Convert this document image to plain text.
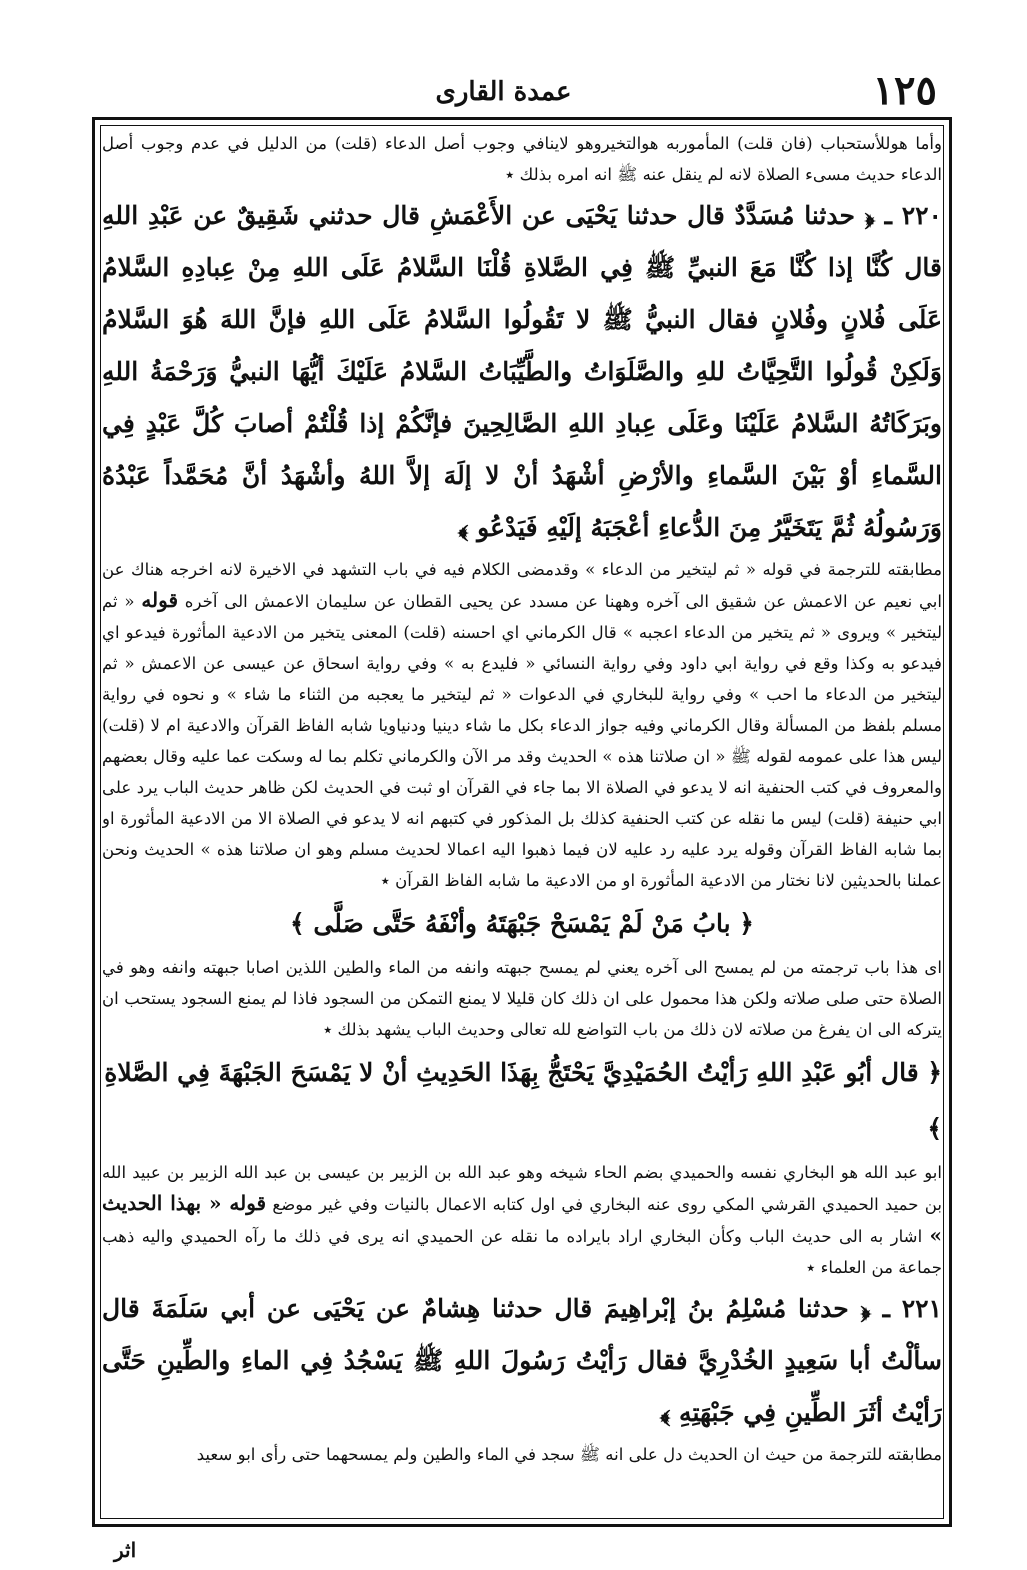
١٢٥
عمدة القاری

وأما هوللأستحباب (فان قلت) المأموربه هوالتخيروهو لاينافي وجوب أصل الدعاء (قلت) من الدليل في عدم وجوب أصل الدعاء حديث مسیء الصلاة لانه لم ينقل عنه ﷺ انه امره بذلك ٭

۲۲۰ ـ ﴿ حدثنا مُسَدَّدٌ قال حدثنا يَحْيَى عن الأَعْمَشِ قال حدثني شَقِيقٌ عن عَبْدِ اللهِ قال كُنَّا إذا كُنَّا مَعَ النبيِّ ﷺ فِي الصَّلاةِ قُلْنَا السَّلامُ عَلَى اللهِ مِنْ عِبادِهِ السَّلامُ عَلَى فُلانٍ وفُلانٍ فقال النبيُّ ﷺ لا تَقُولُوا السَّلامُ عَلَى اللهِ فإنَّ اللهَ هُوَ السَّلامُ وَلَكِنْ قُولُوا التَّحِيَّاتُ للهِ والصَّلَوَاتُ والطَّيِّبَاتُ السَّلامُ عَلَيْكَ أيُّهَا النبيُّ وَرَحْمَةُ اللهِ وبَرَكَاتُهُ السَّلامُ عَلَيْنَا وعَلَى عِبادِ اللهِ الصَّالِحِينَ فإنَّكُمْ إذا قُلْتُمْ أصابَ كُلَّ عَبْدٍ فِي السَّماءِ أوْ بَيْنَ السَّماءِ والأرْضِ أشْهَدُ أنْ لا إلَهَ إلاَّ اللهُ وأشْهَدُ أنَّ مُحَمَّداً عَبْدُهُ وَرَسُولُهُ ثُمَّ يَتَخَيَّرُ مِنَ الدُّعاءِ أعْجَبَهُ إلَيْهِ فَيَدْعُو ﴾

مطابقته للترجمة في قوله « ثم ليتخير من الدعاء » وقدمضى الكلام فيه في باب التشهد في الاخيرة لانه اخرجه هناك عن ابي نعيم عن الاعمش عن شقيق الى آخره وههنا عن مسدد عن يحيى القطان عن سليمان الاعمش الى آخره قوله « ثم ليتخير » ويروى « ثم يتخير من الدعاء اعجبه » قال الكرماني اي احسنه (قلت) المعنى يتخير من الادعية المأثورة فيدعو اي فيدعو به وكذا وقع في رواية ابي داود وفي رواية النسائي « فليدع به » وفي رواية اسحاق عن عيسى عن الاعمش « ثم ليتخير من الدعاء ما احب » وفي رواية للبخاري في الدعوات « ثم ليتخير ما يعجبه من الثناء ما شاء » و نحوه في رواية مسلم بلفظ من المسألة وقال الكرماني وفيه جواز الدعاء بكل ما شاء دينيا ودنياويا شابه الفاظ القرآن والادعية ام لا (قلت) ليس هذا على عمومه لقوله ﷺ « ان صلاتنا هذه » الحديث وقد مر الآن والكرماني تكلم بما له وسكت عما عليه وقال بعضهم والمعروف في كتب الحنفية انه لا يدعو في الصلاة الا بما جاء في القرآن او ثبت في الحديث لكن ظاهر حديث الباب يرد على ابي حنيفة (قلت) ليس ما نقله عن كتب الحنفية كذلك بل المذكور في كتبهم انه لا يدعو في الصلاة الا من الادعية المأثورة او بما شابه الفاظ القرآن وقوله يرد عليه رد عليه لان فيما ذهبوا اليه اعمالا لحديث مسلم وهو ان صلاتنا هذه » الحديث ونحن عملنا بالحديثين لانا نختار من الادعية المأثورة او من الادعية ما شابه الفاظ القرآن ٭

﴿ بابُ مَنْ لَمْ يَمْسَحْ جَبْهَتَهُ وأنْفَهُ حَتَّى صَلَّى ﴾

اى هذا باب ترجمته من لم يمسح الى آخره يعني لم يمسح جبهته وانفه من الماء والطين اللذين اصابا جبهته وانفه وهو في الصلاة حتى صلى صلاته ولكن هذا محمول على ان ذلك كان قليلا لا يمنع التمكن من السجود فاذا لم يمنع السجود يستحب ان يتركه الى ان يفرغ من صلاته لان ذلك من باب التواضع لله تعالى وحديث الباب يشهد بذلك ٭

﴿ قال أبُو عَبْدِ اللهِ رَأيْتُ الحُمَيْدِيَّ يَحْتَجُّ بِهَذَا الحَدِيثِ أنْ لا يَمْسَحَ الجَبْهَةَ فِي الصَّلاةِ ﴾

ابو عبد الله هو البخاري نفسه والحميدي بضم الحاء شيخه وهو عبد الله بن الزبير بن عيسى بن عبد الله الزبير بن عبيد الله بن حميد الحميدي القرشي المكي روى عنه البخاري في اول كتابه الاعمال بالنيات وفي غير موضع قوله « بهذا الحديث » اشار به الى حديث الباب وكأن البخاري اراد بايراده ما نقله عن الحميدي انه يرى في ذلك ما رآه الحميدي واليه ذهب جماعة من العلماء ٭

۲۲۱ ـ ﴿ حدثنا مُسْلِمُ بنُ إبْراهِيمَ قال حدثنا هِشامٌ عن يَحْيَى عن أبي سَلَمَةَ قال سألْتُ أبا سَعِيدٍ الخُدْرِيَّ فقال رَأيْتُ رَسُولَ اللهِ ﷺ يَسْجُدُ فِي الماءِ والطِّينِ حَتَّى رَأيْتُ أثَرَ الطِّينِ فِي جَبْهَتِهِ ﴾

مطابقته للترجمة من حيث ان الحديث دل على انه ﷺ سجد في الماء والطين ولم يمسحهما حتى رأى ابو سعيد

اثر
